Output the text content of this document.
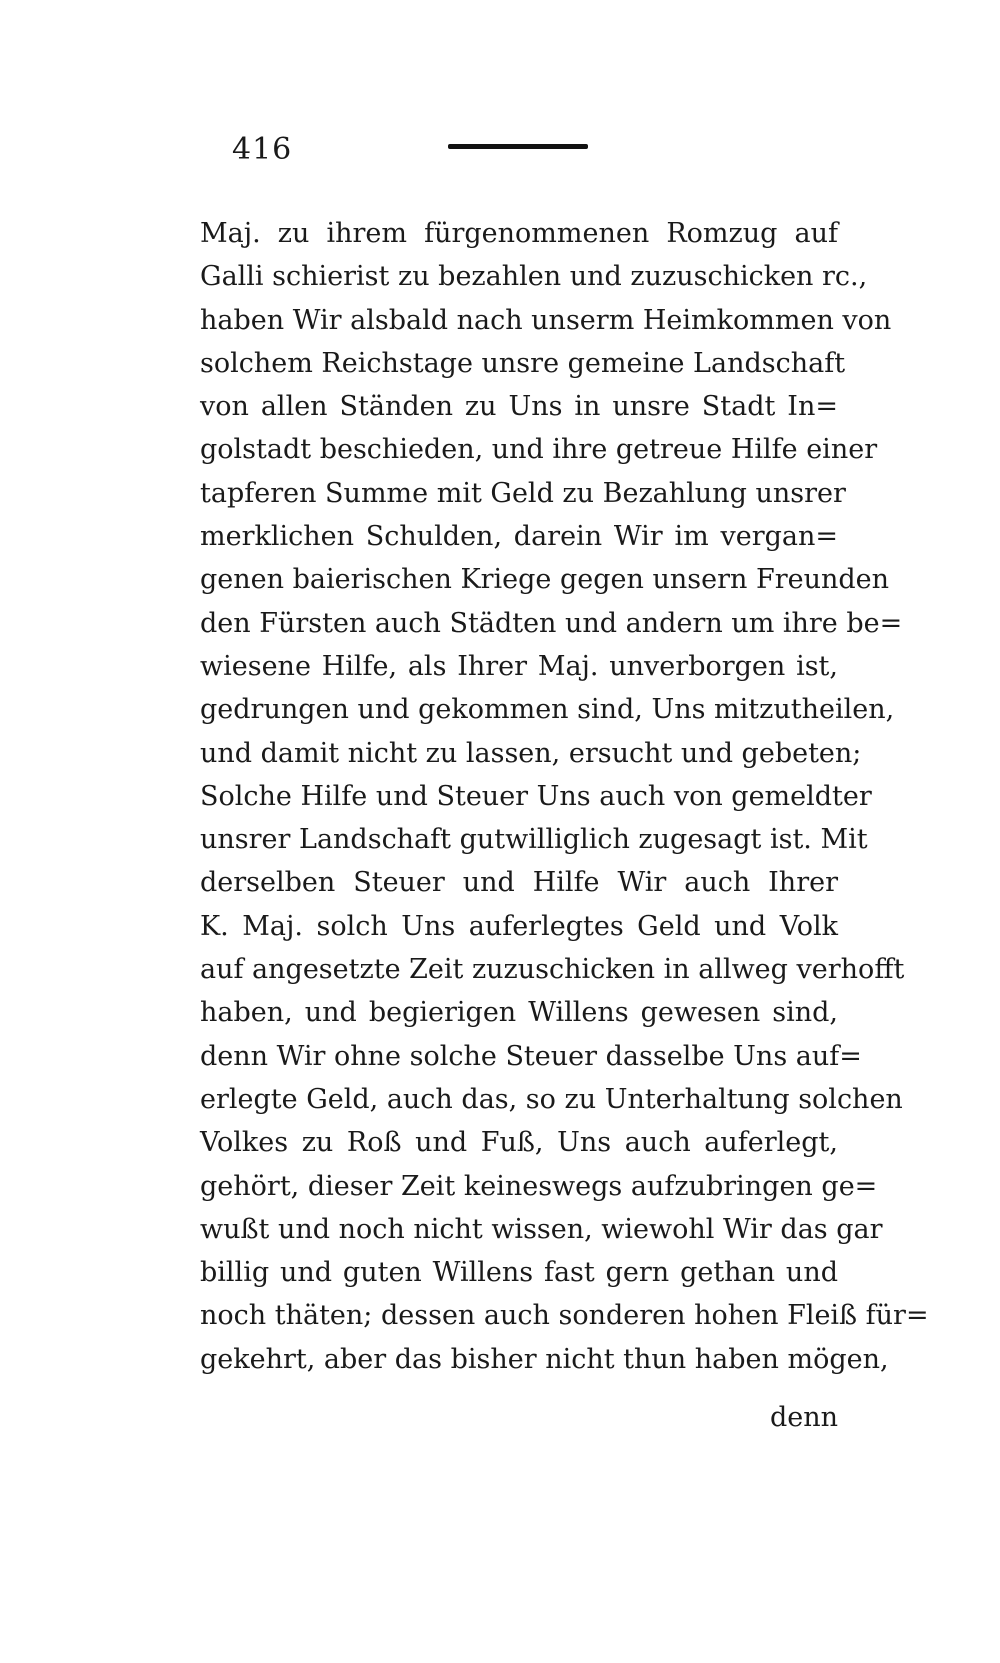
416
Maj. zu ihrem fürgenommenen Romzug auf
Galli schierist zu bezahlen und zuzuschicken rc.,
haben Wir alsbald nach unserm Heimkommen von
solchem Reichstage unsre gemeine Landschaft
von allen Ständen zu Uns in unsre Stadt In=
golstadt beschieden, und ihre getreue Hilfe einer
tapferen Summe mit Geld zu Bezahlung unsrer
merklichen Schulden, darein Wir im vergan=
genen baierischen Kriege gegen unsern Freunden
den Fürsten auch Städten und andern um ihre be=
wiesene Hilfe, als Ihrer Maj. unverborgen ist,
gedrungen und gekommen sind, Uns mitzutheilen,
und damit nicht zu lassen, ersucht und gebeten;
Solche Hilfe und Steuer Uns auch von gemeldter
unsrer Landschaft gutwilliglich zugesagt ist. Mit
derselben Steuer und Hilfe Wir auch Ihrer
K. Maj. solch Uns auferlegtes Geld und Volk
auf angesetzte Zeit zuzuschicken in allweg verhofft
haben, und begierigen Willens gewesen sind,
denn Wir ohne solche Steuer dasselbe Uns auf=
erlegte Geld, auch das, so zu Unterhaltung solchen
Volkes zu Roß und Fuß, Uns auch auferlegt,
gehört, dieser Zeit keineswegs aufzubringen ge=
wußt und noch nicht wissen, wiewohl Wir das gar
billig und guten Willens fast gern gethan und
noch thäten; dessen auch sonderen hohen Fleiß für=
gekehrt, aber das bisher nicht thun haben mögen,
denn
